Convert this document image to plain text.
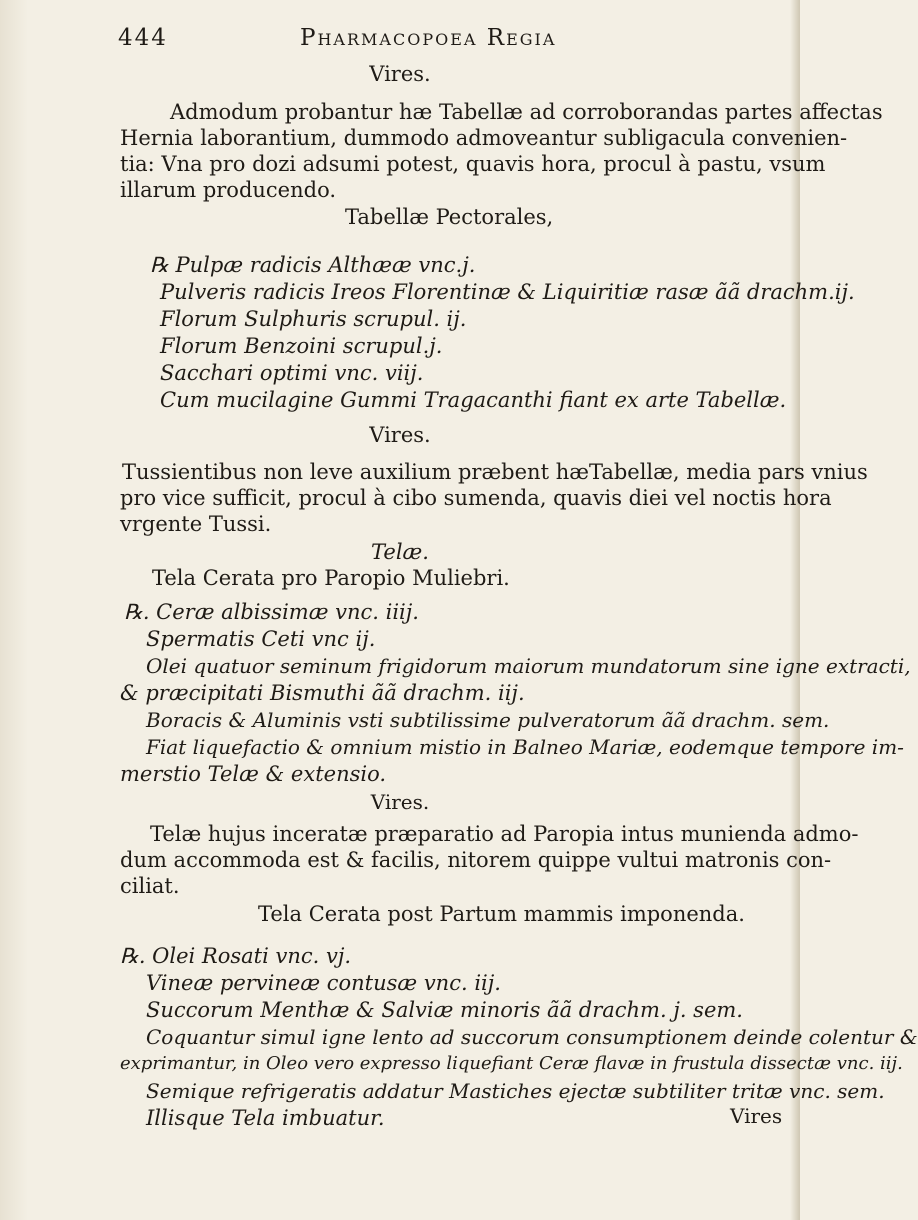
444	Pharmacopoea Regia
Vires.
Admodum probantur hæ Tabellæ ad corroborandas partes affectas
Hernia laborantium, dummodo admoveantur subligacula convenien-
tia: Vna pro dozi adsumi potest, quavis hora, procul à pastu, vsum
illarum producendo.
Tabellæ Pectorales,
℞ Pulpæ radicis Althææ vnc.j.
Pulveris radicis Ireos Florentinæ & Liquiritiæ rasæ ãã drachm.ij.
Florum Sulphuris scrupul. ij.
Florum Benzoini scrupul.j.
Sacchari optimi vnc. viij.
Cum mucilagine Gummi Tragacanthi fiant ex arte Tabellæ.
Vires.
Tussientibus non leve auxilium præbent hæTabellæ, media pars vnius
pro vice sufficit, procul à cibo sumenda, quavis diei vel noctis hora
vrgente Tussi.
Telæ.
Tela Cerata pro Paropio Muliebri.
℞. Ceræ albissimæ vnc. iiij.
Spermatis Ceti vnc ij.
Olei quatuor seminum frigidorum maiorum mundatorum sine igne extracti,
& præcipitati Bismuthi ãã drachm. iij.
Boracis & Aluminis vsti subtilissime pulveratorum ãã drachm. sem.
Fiat liquefactio & omnium mistio in Balneo Mariæ, eodemque tempore im-
merstio Telæ & extensio.
Vires.
Telæ hujus inceratæ præparatio ad Paropia intus munienda admo-
dum accommoda est & facilis, nitorem quippe vultui matronis con-
ciliat.
Tela Cerata post Partum mammis imponenda.
℞. Olei Rosati vnc. vj.
Vineæ pervineæ contusæ vnc. iij.
Succorum Menthæ & Salviæ minoris ãã drachm. j. sem.
Coquantur simul igne lento ad succorum consumptionem deinde colentur &
exprimantur, in Oleo vero expresso liquefiant Ceræ flavæ in frustula dissectæ vnc. iij.
Semique refrigeratis addatur Mastiches ejectæ subtiliter tritæ vnc. sem.
Illisque Tela imbuatur.	Vires
